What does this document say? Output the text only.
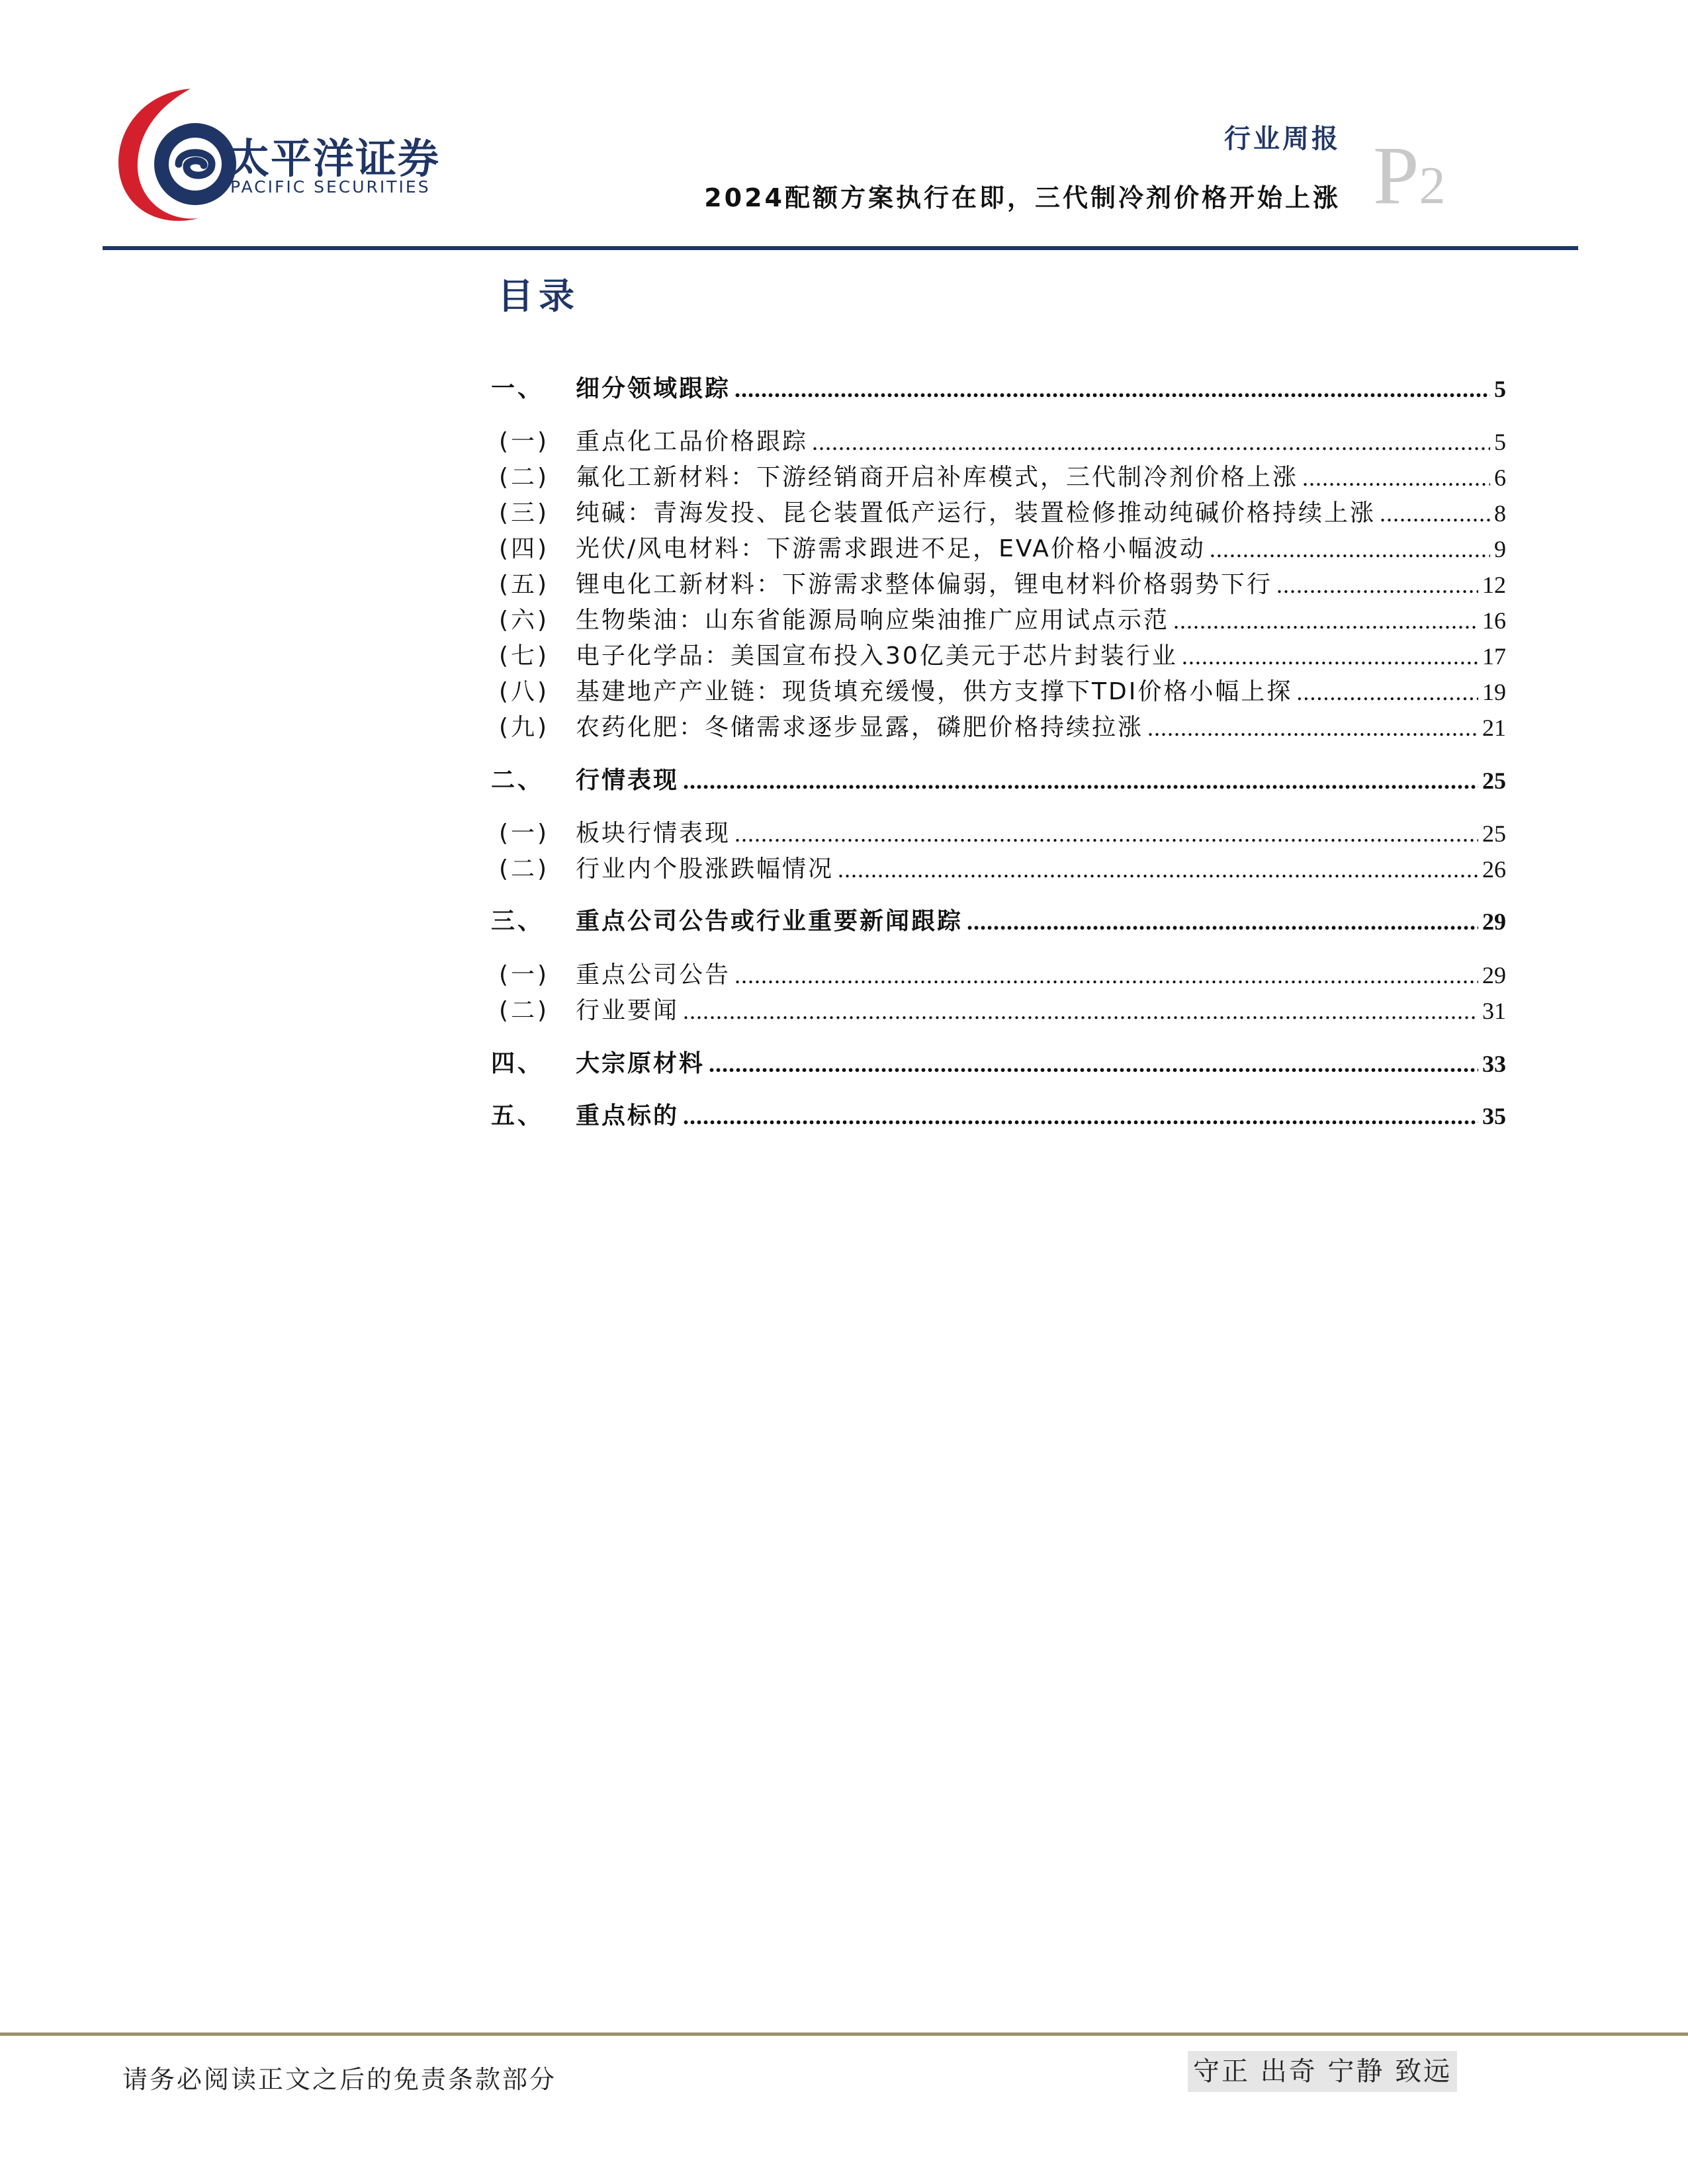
太平洋证券
PACIFIC SECURITIES
行业周报
2024配额方案执行在即，三代制冷剂价格开始上涨 P2
目录
一、	细分领域跟踪 .....	5
(一)	重点化工品价格跟踪 .....	5
(二)	氟化工新材料：下游经销商开启补库模式，三代制冷剂价格上涨 .....	6
(三)	纯碱：青海发投、昆仑装置低产运行，装置检修推动纯碱价格持续上涨 .....	8
(四)	光伏/风电材料：下游需求跟进不足，EVA价格小幅波动 .....	9
(五)	锂电化工新材料：下游需求整体偏弱，锂电材料价格弱势下行 .....	12
(六)	生物柴油：山东省能源局响应柴油推广应用试点示范 .....	16
(七)	电子化学品：美国宣布投入30亿美元于芯片封装行业 .....	17
(八)	基建地产产业链：现货填充缓慢，供方支撑下TDI价格小幅上探 .....	19
(九)	农药化肥：冬储需求逐步显露，磷肥价格持续拉涨 .....	21
二、	行情表现 .....	25
(一)	板块行情表现 .....	25
(二)	行业内个股涨跌幅情况 .....	26
三、	重点公司公告或行业重要新闻跟踪 .....	29
(一)	重点公司公告 .....	29
(二)	行业要闻 .....	31
四、	大宗原材料 .....	33
五、	重点标的 .....	35
请务必阅读正文之后的免责条款部分	守正 出奇 宁静 致远
